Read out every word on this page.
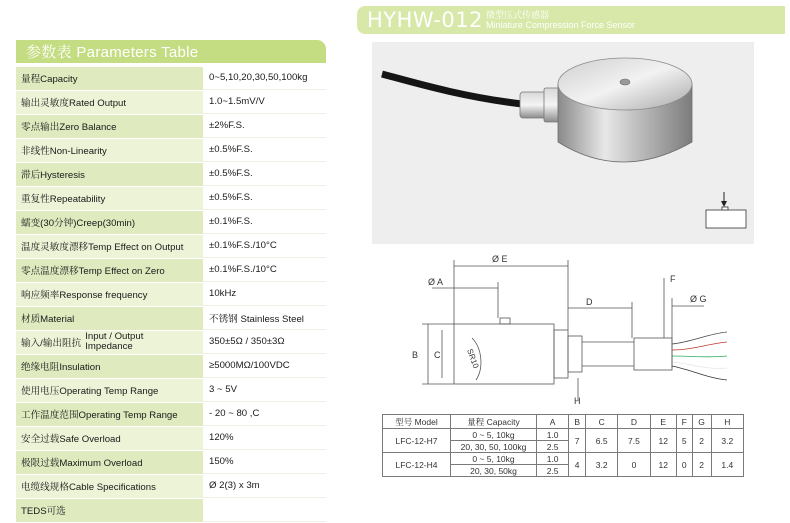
HYHW-012 微型压式传感器
Miniature Compression Force Sensor
参数表 Parameters Table
量程Capacity	0~5,10,20,30,50,100kg
输出灵敏度Rated Output	1.0~1.5mV/V
零点输出Zero Balance	±2%F.S.
非线性Non-Linearity	±0.5%F.S.
滞后Hysteresis	±0.5%F.S.
重复性Repeatability	±0.5%F.S.
蠕变(30分钟)Creep(30min)	±0.1%F.S.
温度灵敏度漂移Temp Effect on Output	±0.1%F.S./10°C
零点温度漂移Temp Effect on Zero	±0.1%F.S./10°C
响应频率Response frequency	10kHz
材质Material	不锈钢 Stainless Steel
输入/输出阻抗
Input / Output
Impedance	350±5Ω / 350±3Ω
绝缘电阻Insulation	≥5000MΩ/100VDC
使用电压Operating Temp Range	3 ~ 5V
工作温度范围Operating Temp Range	- 20 ~ 80 ,C
安全过载Safe Overload	120%
极限过载Maximum Overload	150%
电缆线规格Cable Specifications	Ø 2(3) x 3m
TEDS可选
Ø E
Ø A
D
F
Ø G
B C	SR10
H
型号 Model	量程 Capacity	A	B	C	D	E	F	G	H
LFC-12-H7	0 ~ 5, 10kg	1.0	7	6.5	7.5	12	5	2	3.2
	20, 30, 50, 100kg	2.5							
LFC-12-H4	0 ~ 5, 10kg	1.0	4	3.2	0	12	0	2	1.4
	20, 30, 50kg	2.5							
